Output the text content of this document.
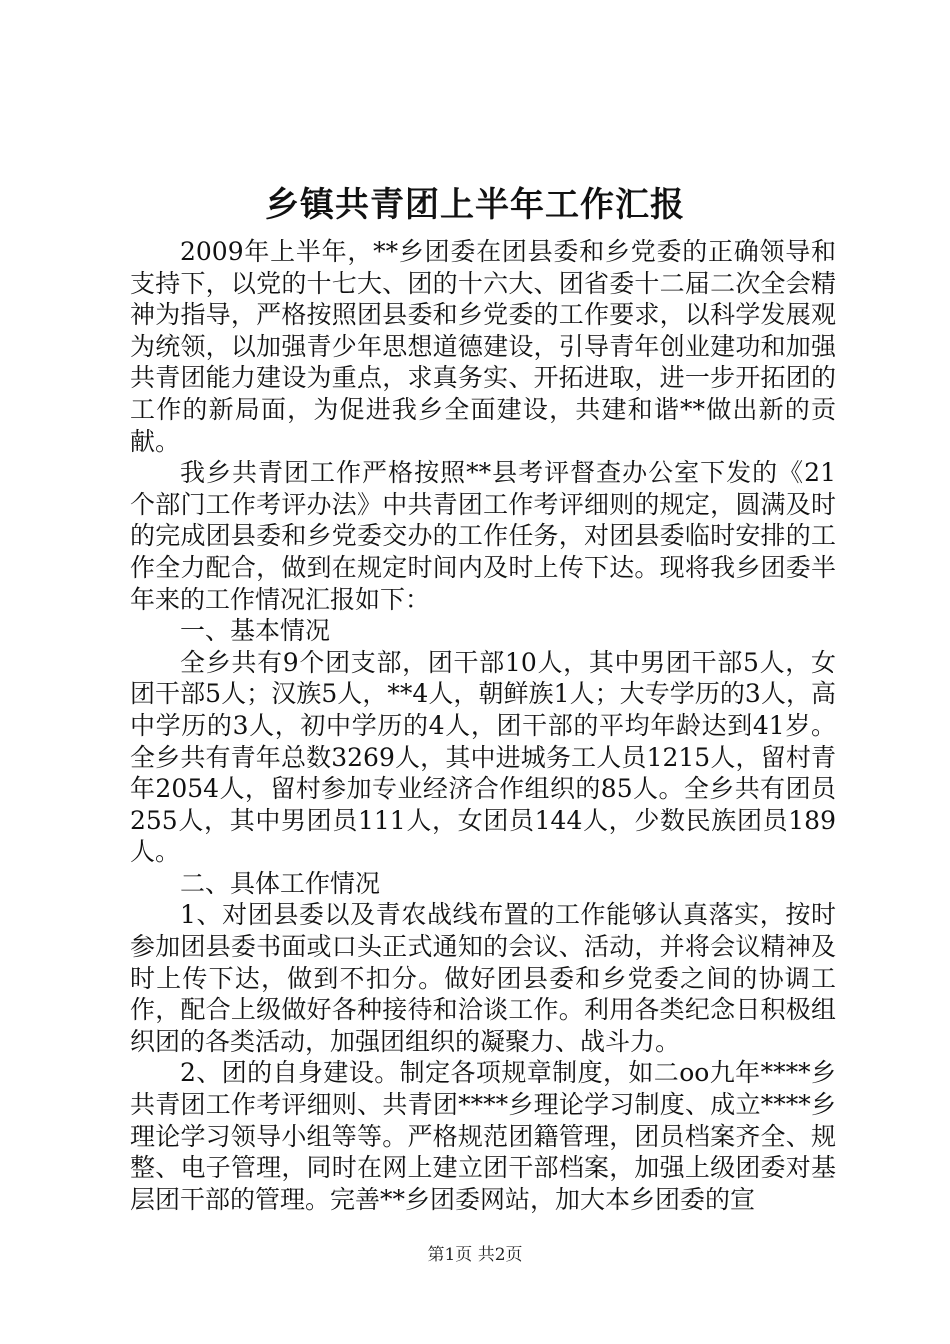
乡镇共青团上半年工作汇报

2009年上半年，**乡团委在团县委和乡党委的正确领导和支持下，以党的十七大、团的十六大、团省委十二届二次全会精神为指导，严格按照团县委和乡党委的工作要求，以科学发展观为统领，以加强青少年思想道德建设，引导青年创业建功和加强共青团能力建设为重点，求真务实、开拓进取，进一步开拓团的工作的新局面，为促进我乡全面建设，共建和谐**做出新的贡献。

我乡共青团工作严格按照**县考评督查办公室下发的《21个部门工作考评办法》中共青团工作考评细则的规定，圆满及时的完成团县委和乡党委交办的工作任务，对团县委临时安排的工作全力配合，做到在规定时间内及时上传下达。现将我乡团委半年来的工作情况汇报如下：

一、基本情况

全乡共有9个团支部，团干部10人，其中男团干部5人，女团干部5人；汉族5人，**4人，朝鲜族1人；大专学历的3人，高中学历的3人，初中学历的4人，团干部的平均年龄达到41岁。全乡共有青年总数3269人，其中进城务工人员1215人，留村青年2054人，留村参加专业经济合作组织的85人。全乡共有团员255人，其中男团员111人，女团员144人，少数民族团员189人。

二、具体工作情况

1、对团县委以及青农战线布置的工作能够认真落实，按时参加团县委书面或口头正式通知的会议、活动，并将会议精神及时上传下达，做到不扣分。做好团县委和乡党委之间的协调工作，配合上级做好各种接待和洽谈工作。利用各类纪念日积极组织团的各类活动，加强团组织的凝聚力、战斗力。

2、团的自身建设。制定各项规章制度，如二oo九年****乡共青团工作考评细则、共青团****乡理论学习制度、成立****乡理论学习领导小组等等。严格规范团籍管理，团员档案齐全、规整、电子管理，同时在网上建立团干部档案，加强上级团委对基层团干部的管理。完善**乡团委网站，加大本乡团委的宣

第1页 共2页
